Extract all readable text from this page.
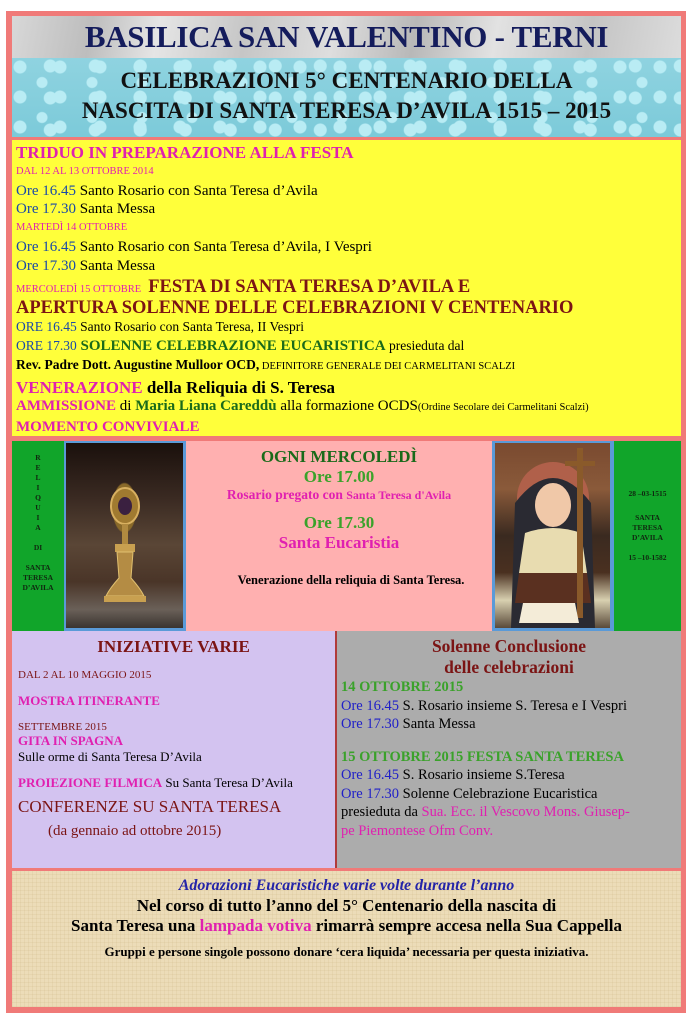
BASILICA SAN VALENTINO - TERNI
CELEBRAZIONI 5° CENTENARIO DELLA
NASCITA DI SANTA TERESA D’AVILA 1515 – 2015
TRIDUO IN PREPARAZIONE ALLA FESTA
DAL 12 AL 13 OTTOBRE 2014
Ore 16.45 Santo Rosario con Santa Teresa d’Avila
Ore 17.30 Santa Messa
MARTEDÌ 14 OTTOBRE
Ore 16.45 Santo Rosario con Santa Teresa d’Avila, I Vespri
Ore 17.30 Santa Messa
MERCOLEDÌ 15 OTTOBRE FESTA DI SANTA TERESA D’AVILA E
APERTURA SOLENNE DELLE CELEBRAZIONI V CENTENARIO
ORE 16.45 Santo Rosario con Santa Teresa, II Vespri
ORE 17.30 SOLENNE CELEBRAZIONE EUCARISTICA presieduta dal
Rev. Padre Dott. Augustine Mulloor OCD, DEFINITORE GENERALE DEI CARMELITANI SCALZI
VENERAZIONE della Reliquia di S. Teresa
AMMISSIONE di Maria Liana Careddù alla formazione OCDS(Ordine Secolare dei Carmelitani Scalzi)
MOMENTO CONVIVIALE
R
E
L
I
Q
U
I
A
DI
SANTA
TERESA
D’AVILA
OGNI MERCOLEDÌ
Ore 17.00
Rosario pregato con Santa Teresa d'Avila
Ore 17.30
Santa Eucaristia
Venerazione della reliquia di Santa Teresa.
28 –03-1515
SANTA
TERESA
D’AVILA
15 –10-1582
INIZIATIVE VARIE
DAL 2 AL 10 MAGGIO 2015
MOSTRA ITINERANTE
SETTEMBRE 2015
GITA IN SPAGNA
Sulle orme di Santa Teresa D’Avila
PROIEZIONE FILMICA Su Santa Teresa D’Avila
CONFERENZE SU SANTA TERESA
(da gennaio ad ottobre 2015)
Solenne Conclusione
delle celebrazioni
14 OTTOBRE 2015
Ore 16.45 S. Rosario insieme S. Teresa e I Vespri
Ore 17.30 Santa Messa
15 OTTOBRE 2015 FESTA SANTA TERESA
Ore 16.45 S. Rosario insieme S.Teresa
Ore 17.30 Solenne Celebrazione Eucaristica
presieduta da Sua. Ecc. il Vescovo Mons. Giusep-
pe Piemontese Ofm Conv.
Adorazioni Eucaristiche varie volte durante l’anno
Nel corso di tutto l’anno del 5° Centenario della nascita di
Santa Teresa una lampada votiva rimarrà sempre accesa nella Sua Cappella
Gruppi e persone singole possono donare ‘cera liquida’ necessaria per questa iniziativa.
